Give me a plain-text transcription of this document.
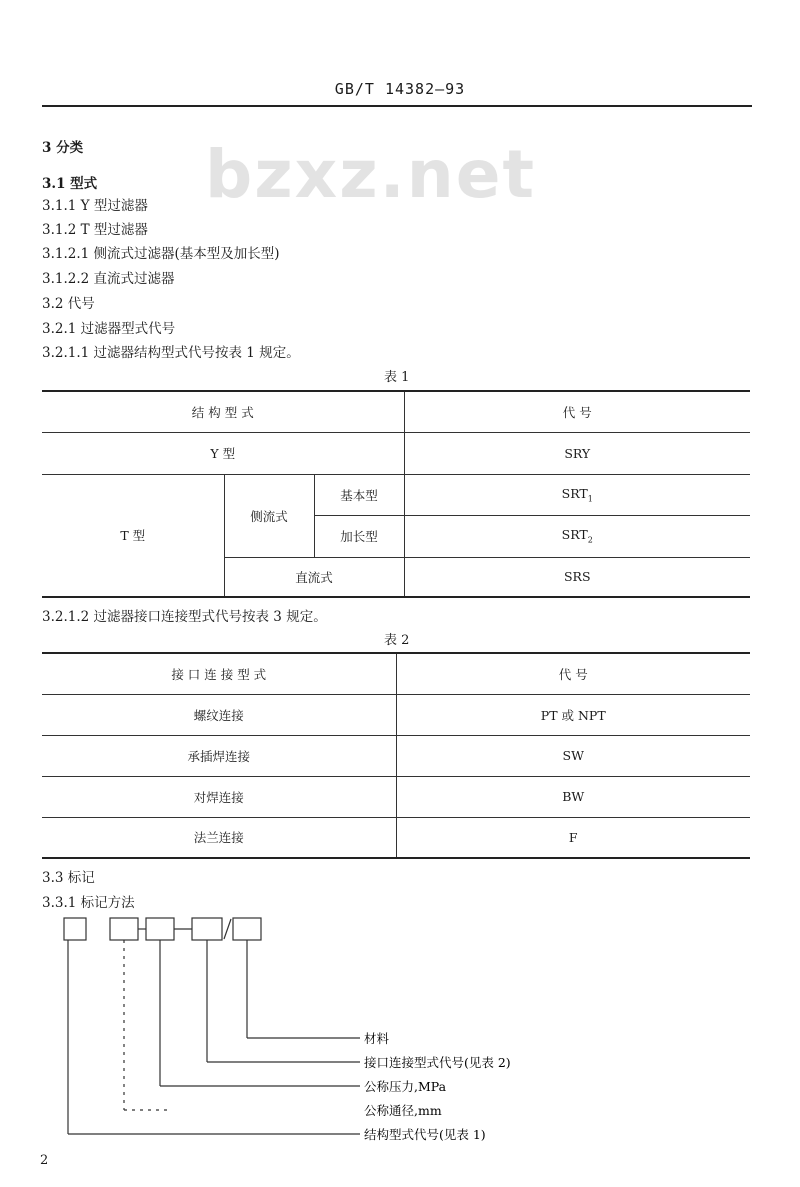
GB/T 14382—93
bzxz.net
3 分类
3.1 型式
3.1.1 Y 型过滤器
3.1.2 T 型过滤器
3.1.2.1 侧流式过滤器(基本型及加长型)
3.1.2.2 直流式过滤器
3.2 代号
3.2.1 过滤器型式代号
3.2.1.1 过滤器结构型式代号按表 1 规定。
表 1
结 构 型 式			代 号
Y 型			SRY
T 型	侧流式	基本型	$SRT_1$
		加长型	$SRT_2$
	直流式		SRS
3.2.1.2 过滤器接口连接型式代号按表 3 规定。
表 2
接 口 连 接 型 式	代 号
螺纹连接	PT 或 NPT
承插焊连接	SW
对焊连接	BW
法兰连接	F
3.3 标记
3.3.1 标记方法
材料
接口连接型式代号(见表 2)
公称压力,MPa
公称通径,mm
结构型式代号(见表 1)
2
